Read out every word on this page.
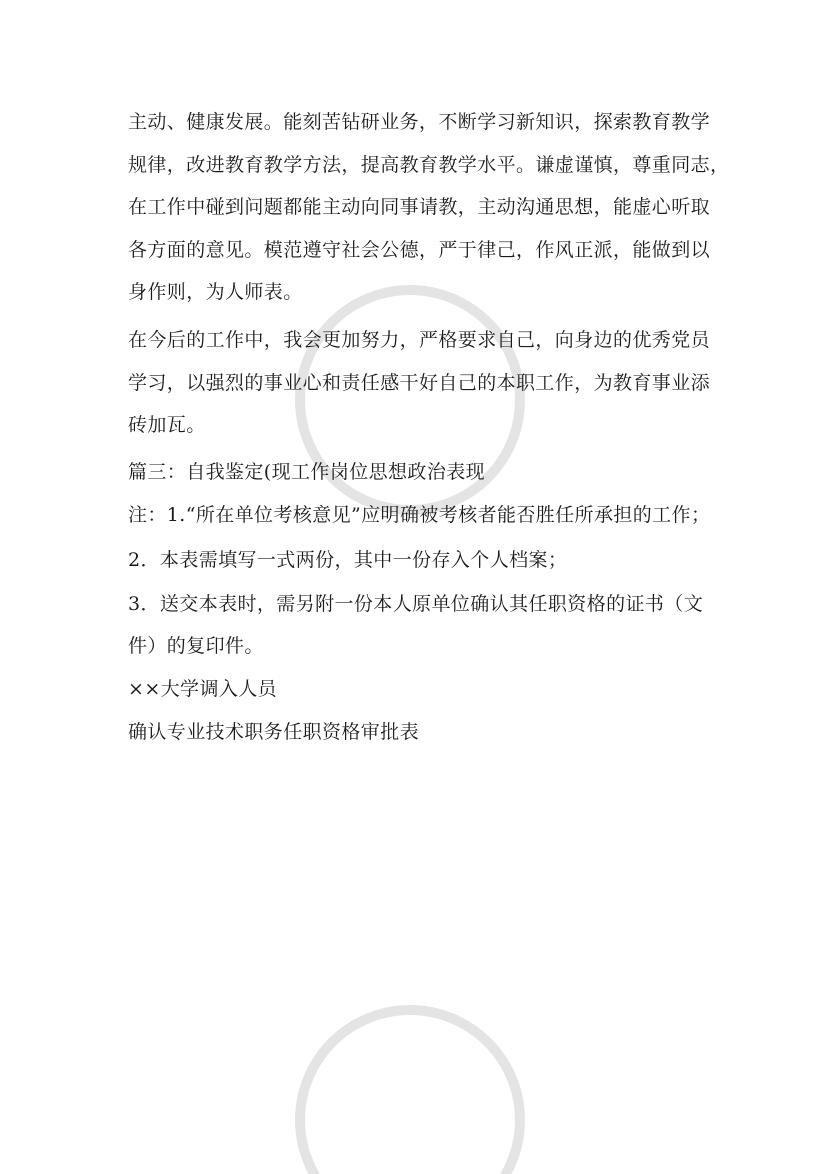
主动、健康发展。能刻苦钻研业务，不断学习新知识，探索教育教学
规律，改进教育教学方法，提高教育教学水平。谦虚谨慎，尊重同志，
在工作中碰到问题都能主动向同事请教，主动沟通思想，能虚心听取
各方面的意见。模范遵守社会公德，严于律己，作风正派，能做到以
身作则，为人师表。
在今后的工作中，我会更加努力，严格要求自己，向身边的优秀党员
学习，以强烈的事业心和责任感干好自己的本职工作，为教育事业添
砖加瓦。
篇三：自我鉴定(现工作岗位思想政治表现
注：1.“所在单位考核意见”应明确被考核者能否胜任所承担的工作；
2．本表需填写一式两份，其中一份存入个人档案；
3．送交本表时，需另附一份本人原单位确认其任职资格的证书（文
件）的复印件。
××大学调入人员
确认专业技术职务任职资格审批表
